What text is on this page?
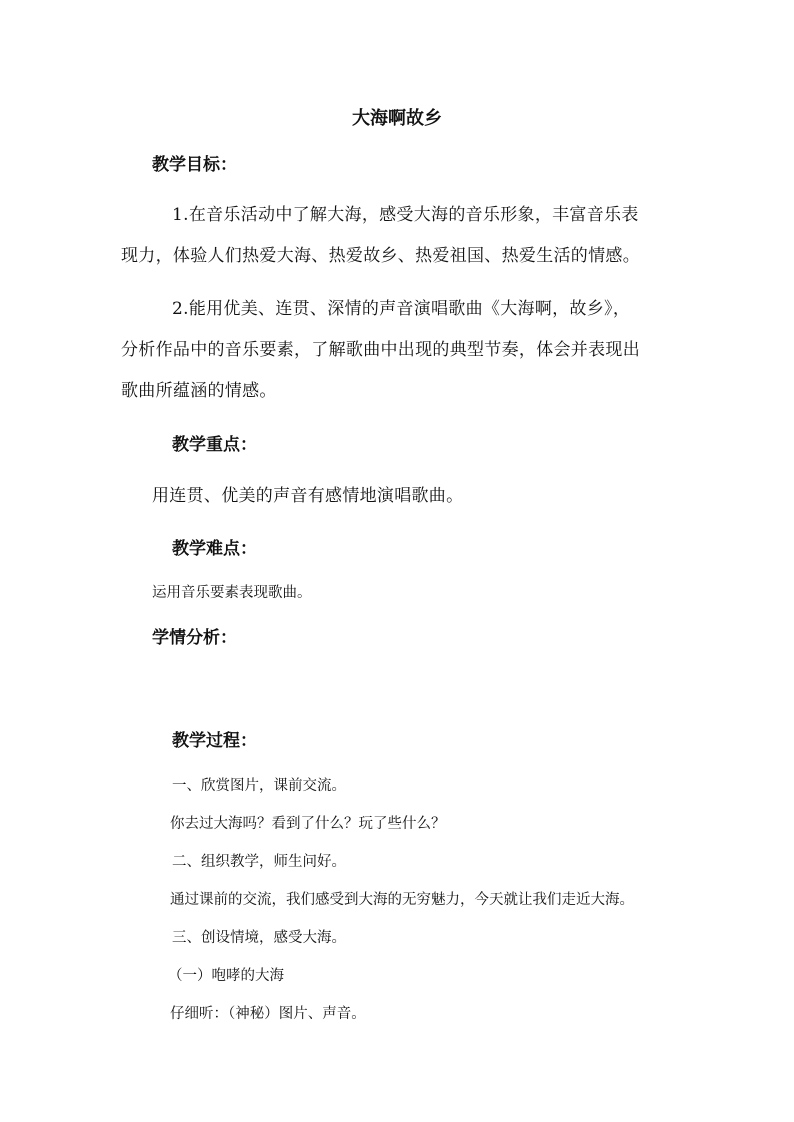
大海啊故乡
教学目标：
1.在音乐活动中了解大海，感受大海的音乐形象，丰富音乐表
现力，体验人们热爱大海、热爱故乡、热爱祖国、热爱生活的情感。
2.能用优美、连贯、深情的声音演唱歌曲《大海啊，故乡》，
分析作品中的音乐要素，了解歌曲中出现的典型节奏，体会并表现出
歌曲所蕴涵的情感。
教学重点：
用连贯、优美的声音有感情地演唱歌曲。
教学难点：
运用音乐要素表现歌曲。
学情分析：
教学过程：
一、欣赏图片，课前交流。
你去过大海吗？看到了什么？玩了些什么？
二、组织教学，师生问好。
通过课前的交流，我们感受到大海的无穷魅力，今天就让我们走近大海。
三、创设情境，感受大海。
（一）咆哮的大海
仔细听：（神秘）图片、声音。
